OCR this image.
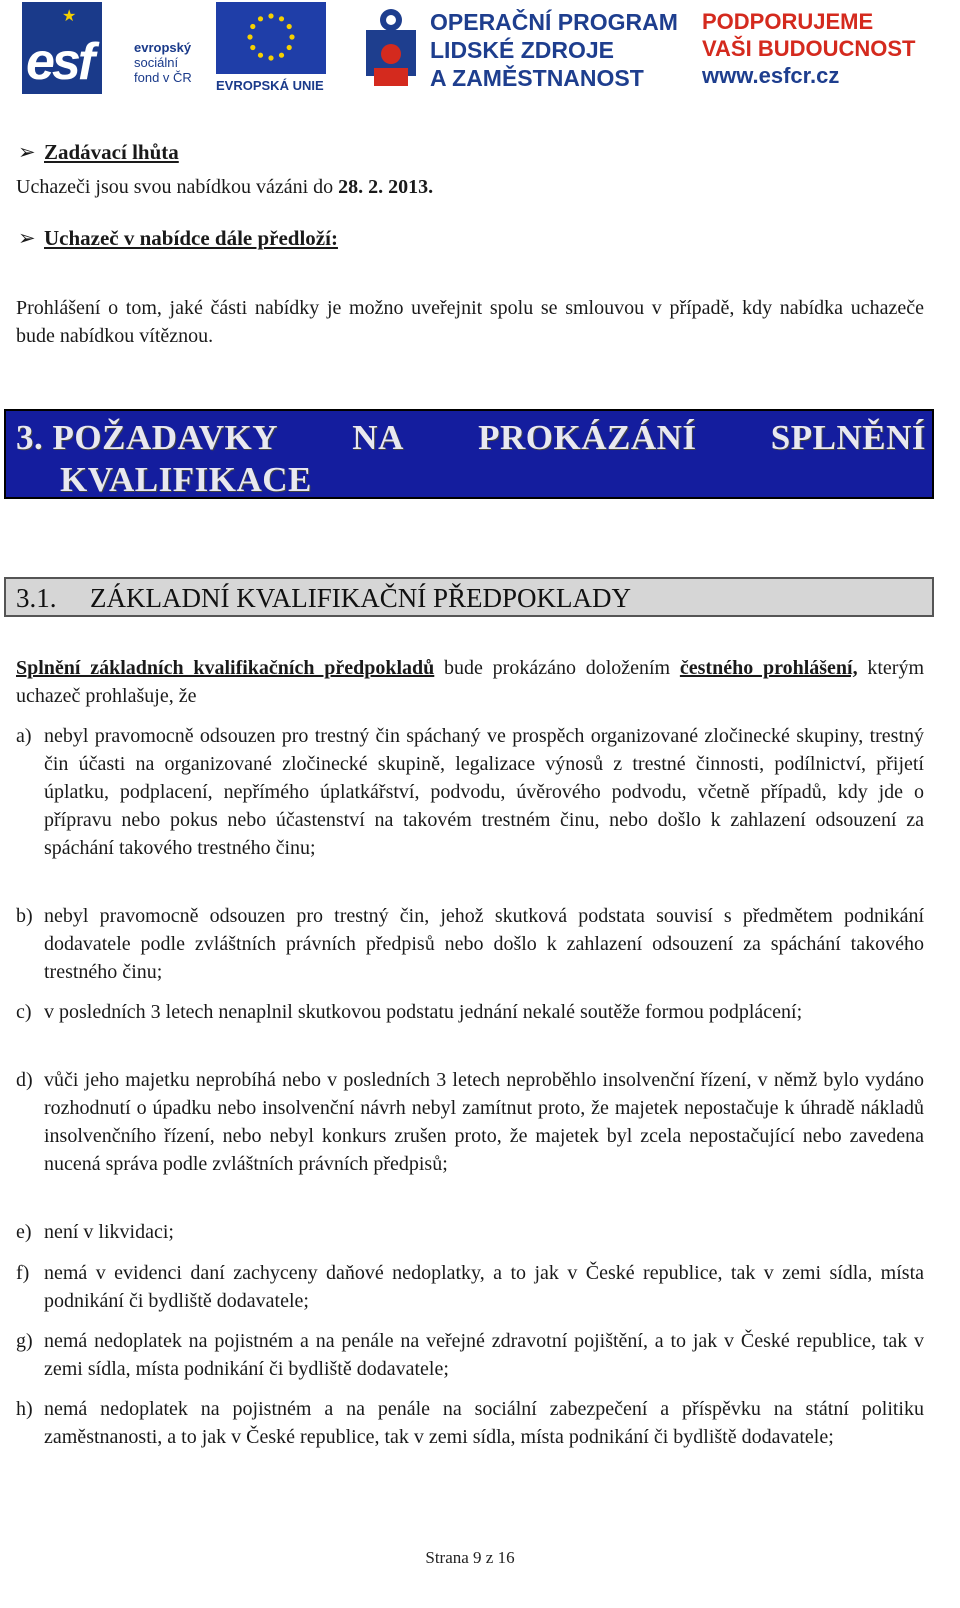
★
esf	evropský
sociální
fond v ČR
EVROPSKÁ UNIE
OPERAČNÍ PROGRAM
LIDSKÉ ZDROJE
A ZAMĚSTNANOST
PODPORUJEME
VAŠI BUDOUCNOST
www.esfcr.cz
➢ Zadávací lhůta
Uchazeči jsou svou nabídkou vázáni do 28. 2. 2013.
➢ Uchazeč v nabídce dále předloží:
Prohlášení o tom, jaké části nabídky je možno uveřejnit spolu se smlouvou v případě, kdy nabídka uchazeče bude nabídkou vítěznou.
3. POŽADAVKY NA PROKÁZÁNÍ SPLNĚNÍ
KVALIFIKACE
3.1. ZÁKLADNÍ KVALIFIKAČNÍ PŘEDPOKLADY
Splnění základních kvalifikačních předpokladů bude prokázáno doložením čestného prohlášení, kterým uchazeč prohlašuje, že
a) nebyl pravomocně odsouzen pro trestný čin spáchaný ve prospěch organizované zločinecké skupiny, trestný čin účasti na organizované zločinecké skupině, legalizace výnosů z trestné činnosti, podílnictví, přijetí úplatku, podplacení, nepřímého úplatkářství, podvodu, úvěrového podvodu, včetně případů, kdy jde o přípravu nebo pokus nebo účastenství na takovém trestném činu, nebo došlo k zahlazení odsouzení za spáchání takového trestného činu;
b) nebyl pravomocně odsouzen pro trestný čin, jehož skutková podstata souvisí s předmětem podnikání dodavatele podle zvláštních právních předpisů nebo došlo k zahlazení odsouzení za spáchání takového trestného činu;
c) v posledních 3 letech nenaplnil skutkovou podstatu jednání nekalé soutěže formou podplácení;
d) vůči jeho majetku neprobíhá nebo v posledních 3 letech neproběhlo insolvenční řízení, v němž bylo vydáno rozhodnutí o úpadku nebo insolvenční návrh nebyl zamítnut proto, že majetek nepostačuje k úhradě nákladů insolvenčního řízení, nebo nebyl konkurs zrušen proto, že majetek byl zcela nepostačující nebo zavedena nucená správa podle zvláštních právních předpisů;
e) není v likvidaci;
f) nemá v evidenci daní zachyceny daňové nedoplatky, a to jak v České republice, tak v zemi sídla, místa podnikání či bydliště dodavatele;
g) nemá nedoplatek na pojistném a na penále na veřejné zdravotní pojištění, a to jak v České republice, tak v zemi sídla, místa podnikání či bydliště dodavatele;
h) nemá nedoplatek na pojistném a na penále na sociální zabezpečení a příspěvku na státní politiku zaměstnanosti, a to jak v České republice, tak v zemi sídla, místa podnikání či bydliště dodavatele;
Strana 9 z 16
